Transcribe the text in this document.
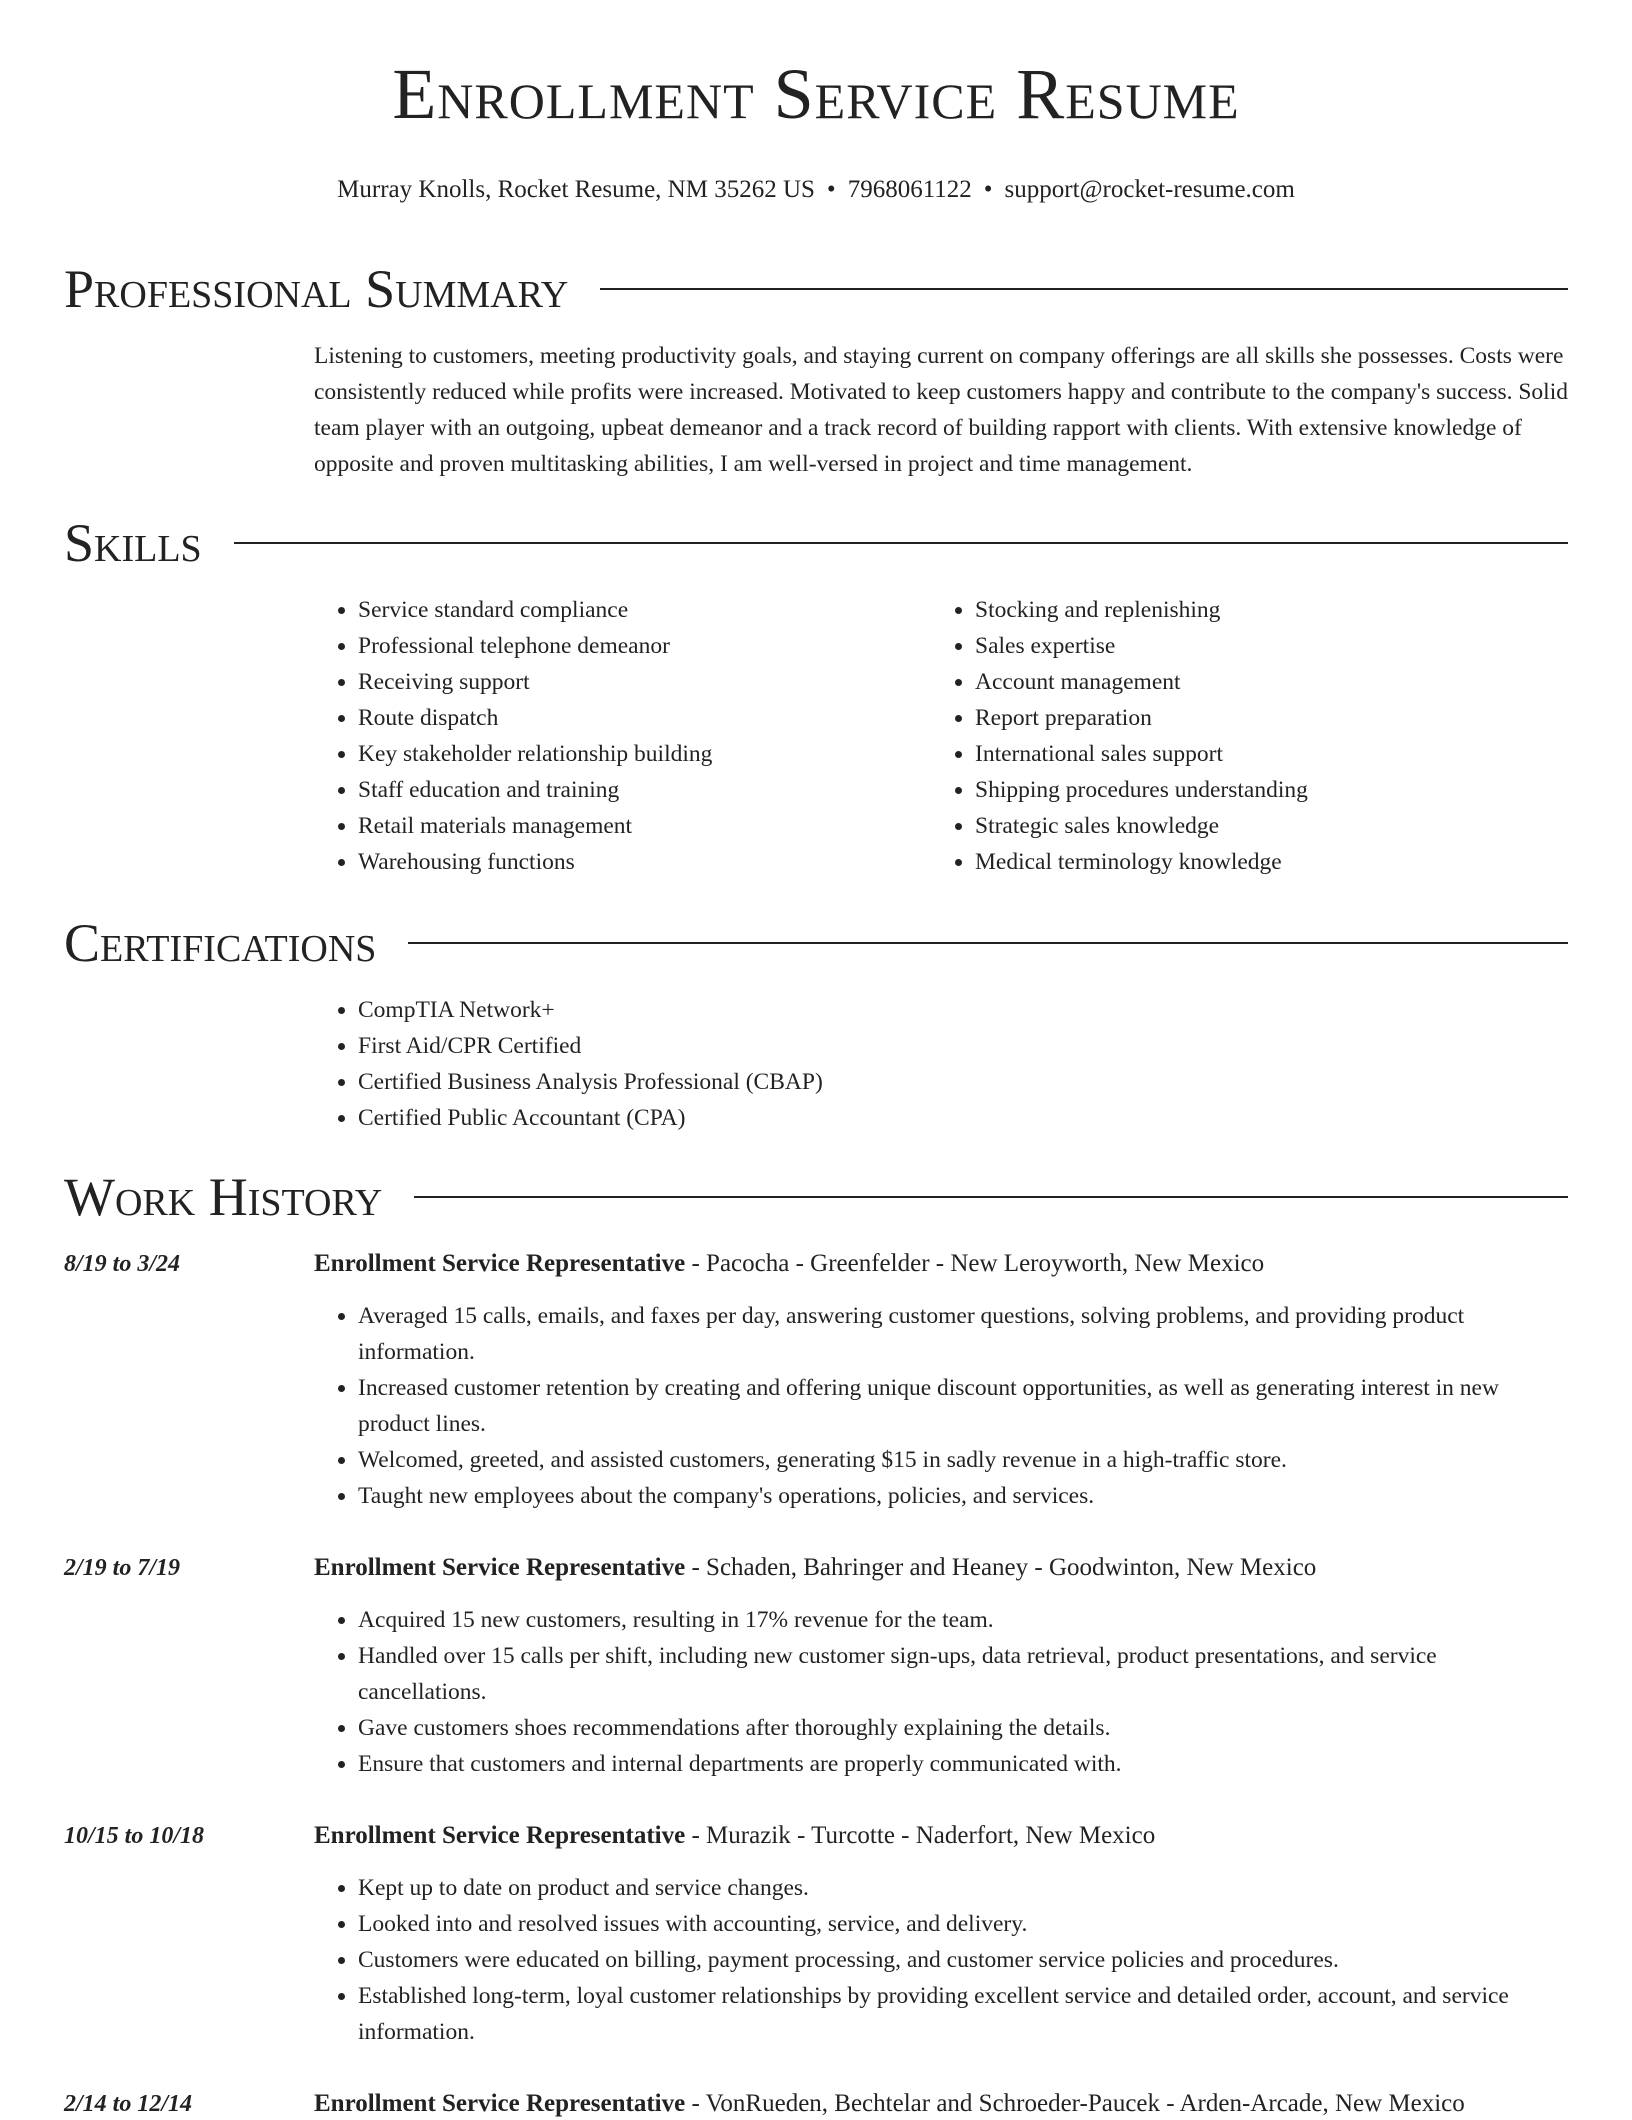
Enrollment Service Resume
Murray Knolls, Rocket Resume, NM 35262 US • 7968061122 • support@rocket-resume.com
Professional Summary

Listening to customers, meeting productivity goals, and staying current on company offerings are all skills she possesses. Costs were consistently reduced while profits were increased. Motivated to keep customers happy and contribute to the company's success. Solid team player with an outgoing, upbeat demeanor and a track record of building rapport with clients. With extensive knowledge of opposite and proven multitasking abilities, I am well-versed in project and time management.

Skills
• Service standard compliance
• Professional telephone demeanor
• Receiving support
• Route dispatch
• Key stakeholder relationship building
• Staff education and training
• Retail materials management
• Warehousing functions
• Stocking and replenishing
• Sales expertise
• Account management
• Report preparation
• International sales support
• Shipping procedures understanding
• Strategic sales knowledge
• Medical terminology knowledge
Certifications
• CompTIA Network+
• First Aid/CPR Certified
• Certified Business Analysis Professional (CBAP)
• Certified Public Accountant (CPA)
Work History
8/19 to 3/24	Enrollment Service Representative - Pacocha - Greenfelder - New Leroyworth, New Mexico
• Averaged 15 calls, emails, and faxes per day, answering customer questions, solving problems, and providing product information.
• Increased customer retention by creating and offering unique discount opportunities, as well as generating interest in new product lines.
• Welcomed, greeted, and assisted customers, generating $15 in sadly revenue in a high-traffic store.
• Taught new employees about the company's operations, policies, and services.
2/19 to 7/19	Enrollment Service Representative - Schaden, Bahringer and Heaney - Goodwinton, New Mexico
• Acquired 15 new customers, resulting in 17% revenue for the team.
• Handled over 15 calls per shift, including new customer sign-ups, data retrieval, product presentations, and service cancellations.
• Gave customers shoes recommendations after thoroughly explaining the details.
• Ensure that customers and internal departments are properly communicated with.
10/15 to 10/18	Enrollment Service Representative - Murazik - Turcotte - Naderfort, New Mexico
• Kept up to date on product and service changes.
• Looked into and resolved issues with accounting, service, and delivery.
• Customers were educated on billing, payment processing, and customer service policies and procedures.
• Established long-term, loyal customer relationships by providing excellent service and detailed order, account, and service information.
2/14 to 12/14	Enrollment Service Representative - VonRueden, Bechtelar and Schroeder-Paucek - Arden-Arcade, New Mexico
